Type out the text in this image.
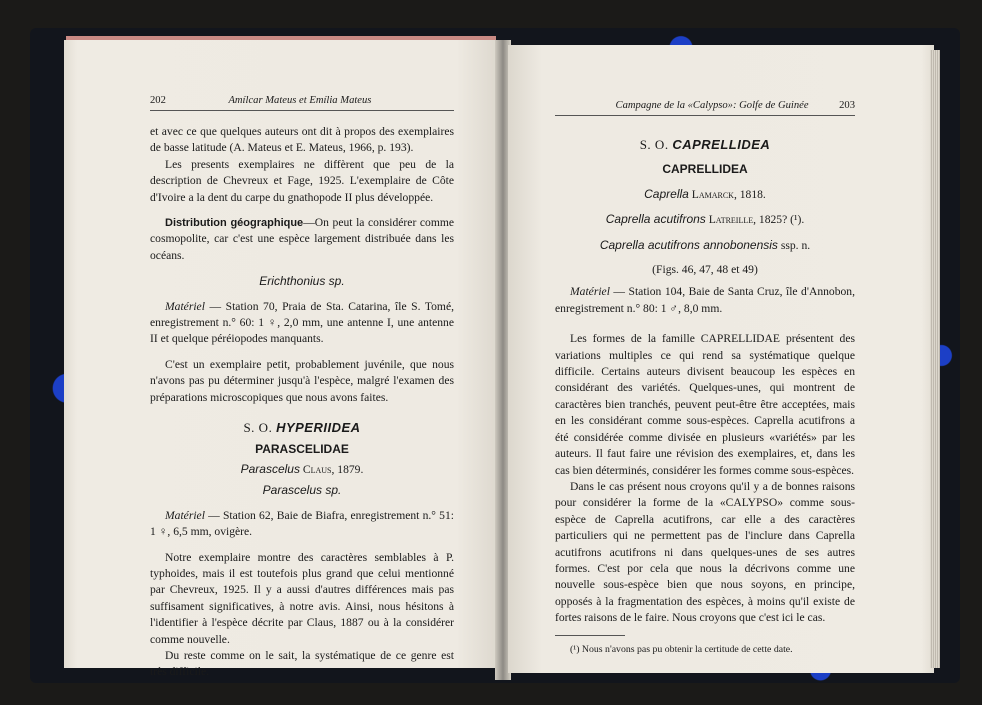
202	Amílcar Mateus et Emília Mateus

et avec ce que quelques auteurs ont dit à propos des exemplaires de basse latitude (A. Mateus et E. Mateus, 1966, p. 193).

Les presents exemplaires ne diffèrent que peu de la description de Chevreux et Fage, 1925. L'exemplaire de Côte d'Ivoire a la dent du carpe du gnathopode II plus développée.

Distribution géographique—On peut la considérer comme cosmopolite, car c'est une espèce largement distribuée dans les océans.

Erichthonius sp.

Matériel — Station 70, Praia de Sta. Catarina, île S. Tomé, enregistrement n.° 60: 1 ♀, 2,0 mm, une antenne I, une antenne II et quelque péréiopodes manquants.

C'est un exemplaire petit, probablement juvénile, que nous n'avons pas pu déterminer jusqu'à l'espèce, malgré l'examen des préparations microscopiques que nous avons faites.

S. O. HYPERIIDEA

PARASCELIDAE

Parascelus Claus, 1879.

Parascelus sp.

Matériel — Station 62, Baie de Biafra, enregistrement n.° 51: 1 ♀, 6,5 mm, ovigère.

Notre exemplaire montre des caractères semblables à P. typhoides, mais il est toutefois plus grand que celui mentionné par Chevreux, 1925. Il y a aussi d'autres différences mais pas suffisament significatives, à notre avis. Ainsi, nous hésitons à l'identifier à l'espèce décrite par Claus, 1887 ou à la considérer comme nouvelle.

Du reste comme on le sait, la systématique de ce genre est très difficile.

Campagne de la «Calypso»: Golfe de Guinée	203

S. O. CAPRELLIDEA

CAPRELLIDEA

Caprella Lamarck, 1818.

Caprella acutifrons Latreille, 1825? (¹).

Caprella acutifrons annobonensis ssp. n.

(Figs. 46, 47, 48 et 49)

Matériel — Station 104, Baie de Santa Cruz, île d'Annobon, enregistrement n.° 80: 1 ♂, 8,0 mm.

Les formes de la famille CAPRELLIDAE présentent des variations multiples ce qui rend sa systématique quelque difficile. Certains auteurs divisent beaucoup les espèces en considérant des variétés. Quelques-unes, qui montrent de caractères bien tranchés, peuvent peut-être être acceptées, mais en les considérant comme sous-espèces. Caprella acutifrons a été considérée comme divisée en plusieurs «variétés» par les auteurs. Il faut faire une révision des exemplaires, et, dans les cas bien déterminés, considérer les formes comme sous-espèces.

Dans le cas présent nous croyons qu'il y a de bonnes raisons pour considérer la forme de la «CALYPSO» comme sous-espèce de Caprella acutifrons, car elle a des caractères particuliers qui ne permettent pas de l'inclure dans Caprella acutifrons acutifrons ni dans quelques-unes de ses autres formes. C'est por cela que nous la décrivons comme une nouvelle sous-espèce bien que nous soyons, en principe, opposés à la fragmentation des espèces, à moins qu'il existe de fortes raisons de le faire. Nous croyons que c'est ici le cas.

(¹) Nous n'avons pas pu obtenir la certitude de cette date.
